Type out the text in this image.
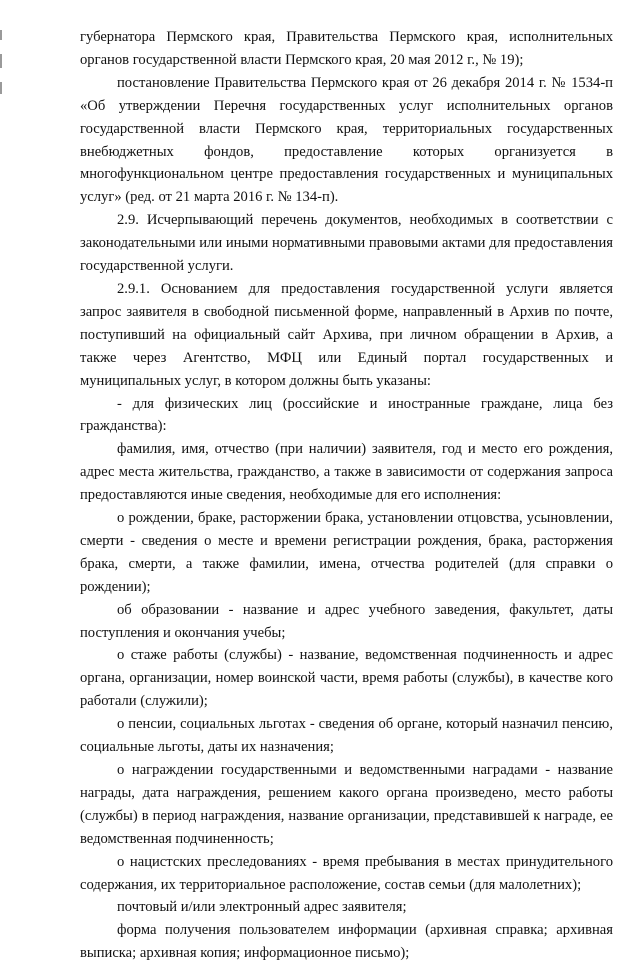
губернатора Пермского края, Правительства Пермского края, исполнительных органов государственной власти Пермского края, 20 мая 2012 г., № 19);

постановление Правительства Пермского края от 26 декабря 2014 г. № 1534-п «Об утверждении Перечня государственных услуг исполнительных органов государственной власти Пермского края, территориальных государственных внебюджетных фондов, предоставление которых организуется в многофункциональном центре предоставления государственных и муниципальных услуг» (ред. от 21 марта 2016 г. № 134-п).

2.9. Исчерпывающий перечень документов, необходимых в соответствии с законодательными или иными нормативными правовыми актами для предоставления государственной услуги.

2.9.1. Основанием для предоставления государственной услуги является запрос заявителя в свободной письменной форме, направленный в Архив по почте, поступивший на официальный сайт Архива, при личном обращении в Архив, а также через Агентство, МФЦ или Единый портал государственных и муниципальных услуг, в котором должны быть указаны:

- для физических лиц (российские и иностранные граждане, лица без гражданства):

фамилия, имя, отчество (при наличии) заявителя, год и место его рождения, адрес места жительства, гражданство, а также в зависимости от содержания запроса предоставляются иные сведения, необходимые для его исполнения:

о рождении, браке, расторжении брака, установлении отцовства, усыновлении, смерти - сведения о месте и времени регистрации рождения, брака, расторжения брака, смерти, а также фамилии, имена, отчества родителей (для справки о рождении);

об образовании - название и адрес учебного заведения, факультет, даты поступления и окончания учебы;

о стаже работы (службы) - название, ведомственная подчиненность и адрес органа, организации, номер воинской части, время работы (службы), в качестве кого работали (служили);

о пенсии, социальных льготах - сведения об органе, который назначил пенсию, социальные льготы, даты их назначения;

о награждении государственными и ведомственными наградами - название награды, дата награждения, решением какого органа произведено, место работы (службы) в период награждения, название организации, представившей к награде, ее ведомственная подчиненность;

о нацистских преследованиях - время пребывания в местах принудительного содержания, их территориальное расположение, состав семьи (для малолетних);

почтовый и/или электронный адрес заявителя;

форма получения пользователем информации (архивная справка; архивная выписка; архивная копия; информационное письмо);
